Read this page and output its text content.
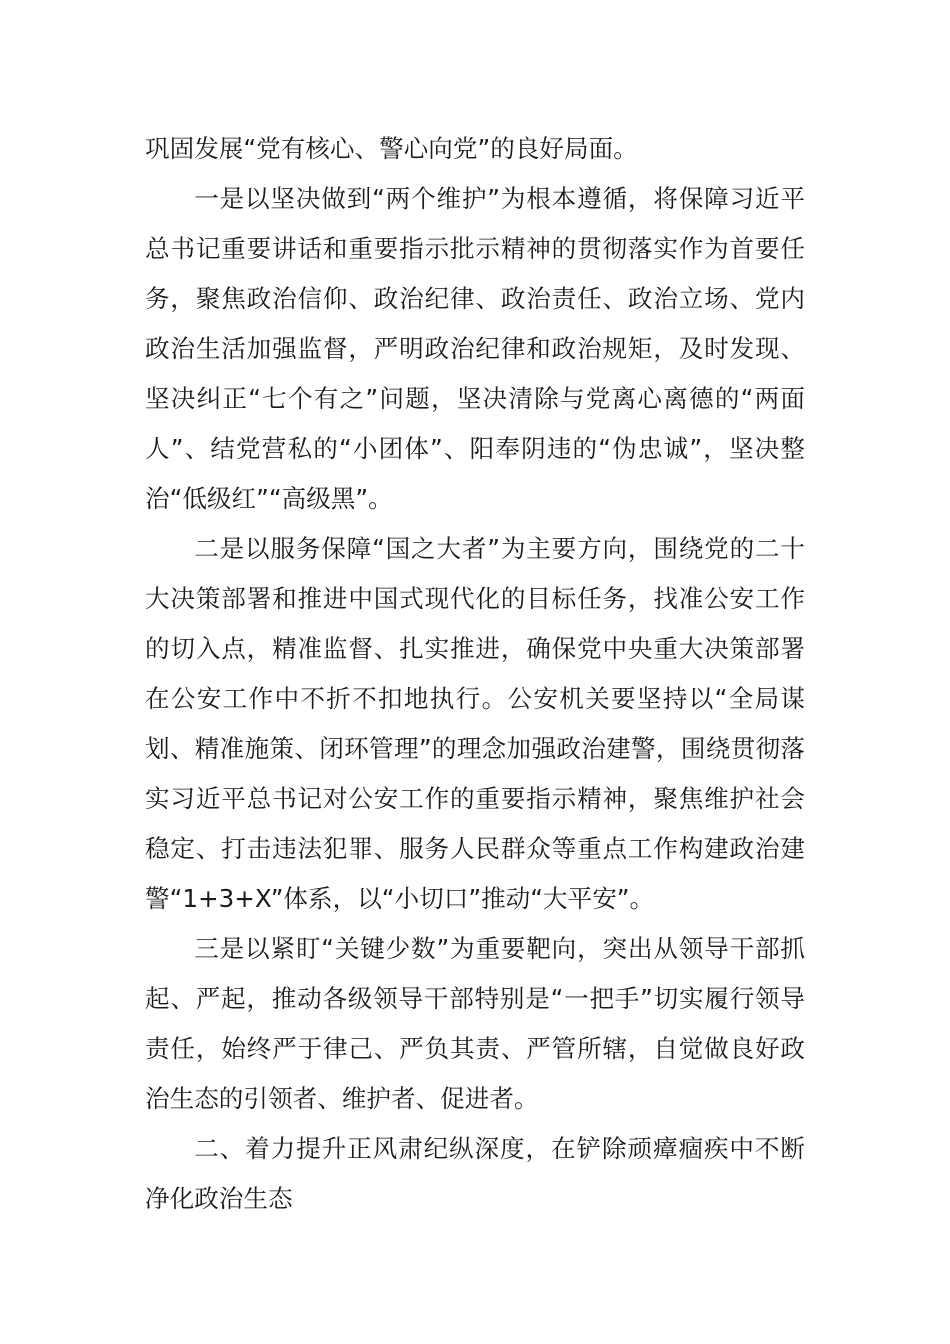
巩固发展“党有核心、警心向党”的良好局面。

一是以坚决做到“两个维护”为根本遵循，将保障习近平总书记重要讲话和重要指示批示精神的贯彻落实作为首要任务，聚焦政治信仰、政治纪律、政治责任、政治立场、党内政治生活加强监督，严明政治纪律和政治规矩，及时发现、坚决纠正“七个有之”问题，坚决清除与党离心离德的“两面人”、结党营私的“小团体”、阳奉阴违的“伪忠诚”，坚决整治“低级红”“高级黑”。

二是以服务保障“国之大者”为主要方向，围绕党的二十大决策部署和推进中国式现代化的目标任务，找准公安工作的切入点，精准监督、扎实推进，确保党中央重大决策部署在公安工作中不折不扣地执行。公安机关要坚持以“全局谋划、精准施策、闭环管理”的理念加强政治建警，围绕贯彻落实习近平总书记对公安工作的重要指示精神，聚焦维护社会稳定、打击违法犯罪、服务人民群众等重点工作构建政治建警“1+3+X”体系，以“小切口”推动“大平安”。

三是以紧盯“关键少数”为重要靶向，突出从领导干部抓起、严起，推动各级领导干部特别是“一把手”切实履行领导责任，始终严于律己、严负其责、严管所辖，自觉做良好政治生态的引领者、维护者、促进者。

二、着力提升正风肃纪纵深度，在铲除顽瘴痼疾中不断净化政治生态
